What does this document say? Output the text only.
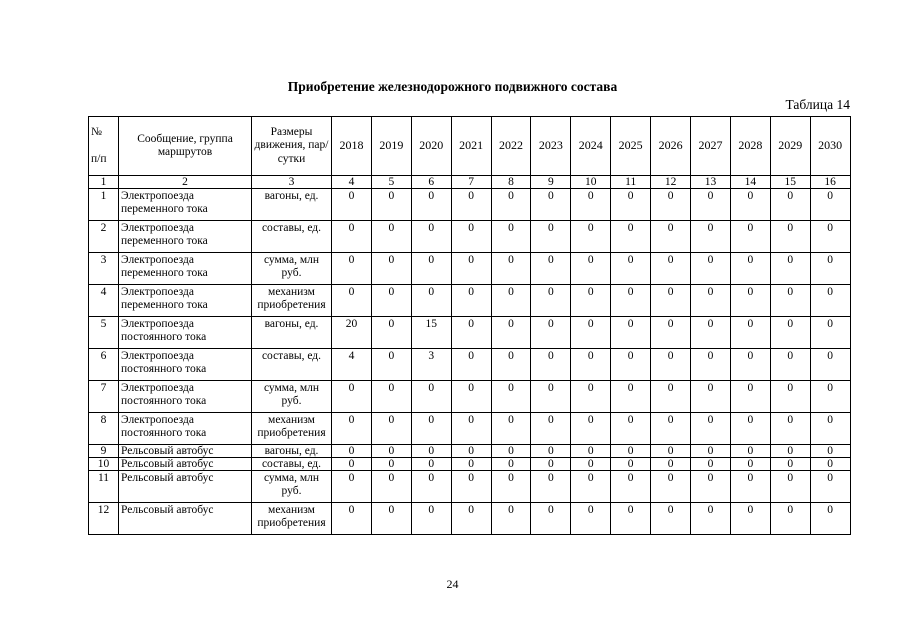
Приобретение железнодорожного подвижного состава
Таблица 14
№
п/п	Сообщение, группа маршрутов	Размеры движения, пар/сутки	2018	2019	2020	2021	2022	2023	2024	2025	2026	2027	2028	2029	2030
1	2	3	4	5	6	7	8	9	10	11	12	13	14	15	16
1	Электропоезда переменного тока	вагоны, ед.	0	0	0	0	0	0	0	0	0	0	0	0	0
2	Электропоезда переменного тока	составы, ед.	0	0	0	0	0	0	0	0	0	0	0	0	0
3	Электропоезда переменного тока	сумма, млн руб.	0	0	0	0	0	0	0	0	0	0	0	0	0
4	Электропоезда переменного тока	механизм приобретения	0	0	0	0	0	0	0	0	0	0	0	0	0
5	Электропоезда постоянного тока	вагоны, ед.	20	0	15	0	0	0	0	0	0	0	0	0	0
6	Электропоезда постоянного тока	составы, ед.	4	0	3	0	0	0	0	0	0	0	0	0	0
7	Электропоезда постоянного тока	сумма, млн руб.	0	0	0	0	0	0	0	0	0	0	0	0	0
8	Электропоезда постоянного тока	механизм приобретения	0	0	0	0	0	0	0	0	0	0	0	0	0
9	Рельсовый автобус	вагоны, ед.	0	0	0	0	0	0	0	0	0	0	0	0	0
10	Рельсовый автобус	составы, ед.	0	0	0	0	0	0	0	0	0	0	0	0	0
11	Рельсовый автобус	сумма, млн руб.	0	0	0	0	0	0	0	0	0	0	0	0	0
12	Рельсовый автобус	механизм приобретения	0	0	0	0	0	0	0	0	0	0	0	0	0
24
